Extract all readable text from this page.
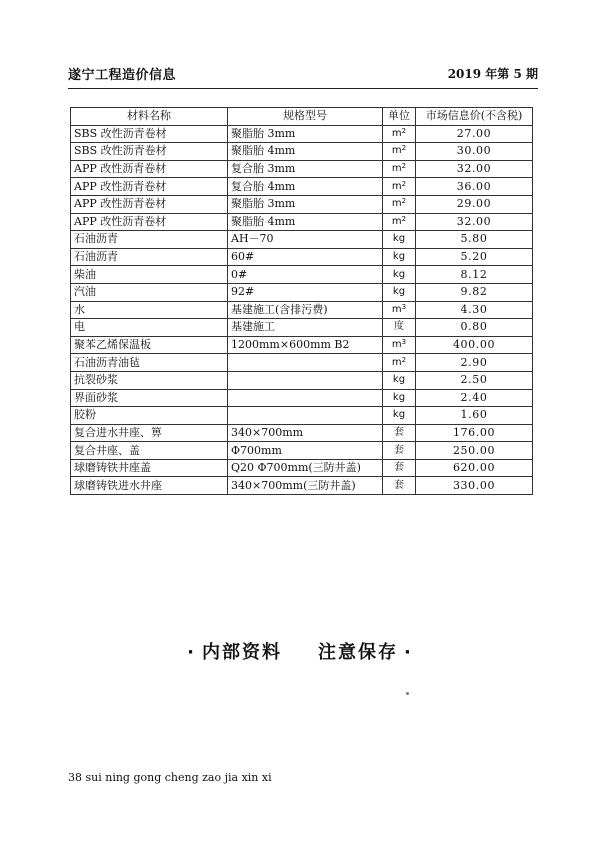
遂宁工程造价信息	2019 年第 5 期
材料名称	规格型号	单位	市场信息价(不含税)
SBS 改性沥青卷材	聚脂胎 3mm	$m^2$	27.00
SBS 改性沥青卷材	聚脂胎 4mm	$m^2$	30.00
APP 改性沥青卷材	复合胎 3mm	$m^2$	32.00
APP 改性沥青卷材	复合胎 4mm	$m^2$	36.00
APP 改性沥青卷材	聚脂胎 3mm	$m^2$	29.00
APP 改性沥青卷材	聚脂胎 4mm	$m^2$	32.00
石油沥青	AH－70	kg	5.80
石油沥青	60#	kg	5.20
柴油	0#	kg	8.12
汽油	92#	kg	9.82
水	基建施工(含排污费)	$m^3$	4.30
电	基建施工	度	0.80
聚苯乙烯保温板	1200mm×600mm B2	$m^3$	400.00
石油沥青油毡		$m^2$	2.90
抗裂砂浆		kg	2.50
界面砂浆		kg	2.40
胶粉		kg	1.60
复合进水井座、箅	340×700mm	套	176.00
复合井座、盖	Φ700mm	套	250.00
球磨铸铁井座盖	Q20 Φ700mm(三防井盖)	套	620.00
球磨铸铁进水井座	340×700mm(三防井盖)	套	330.00
· 内部资料 注意保存 ·
38 sui ning gong cheng zao jia xin xi
